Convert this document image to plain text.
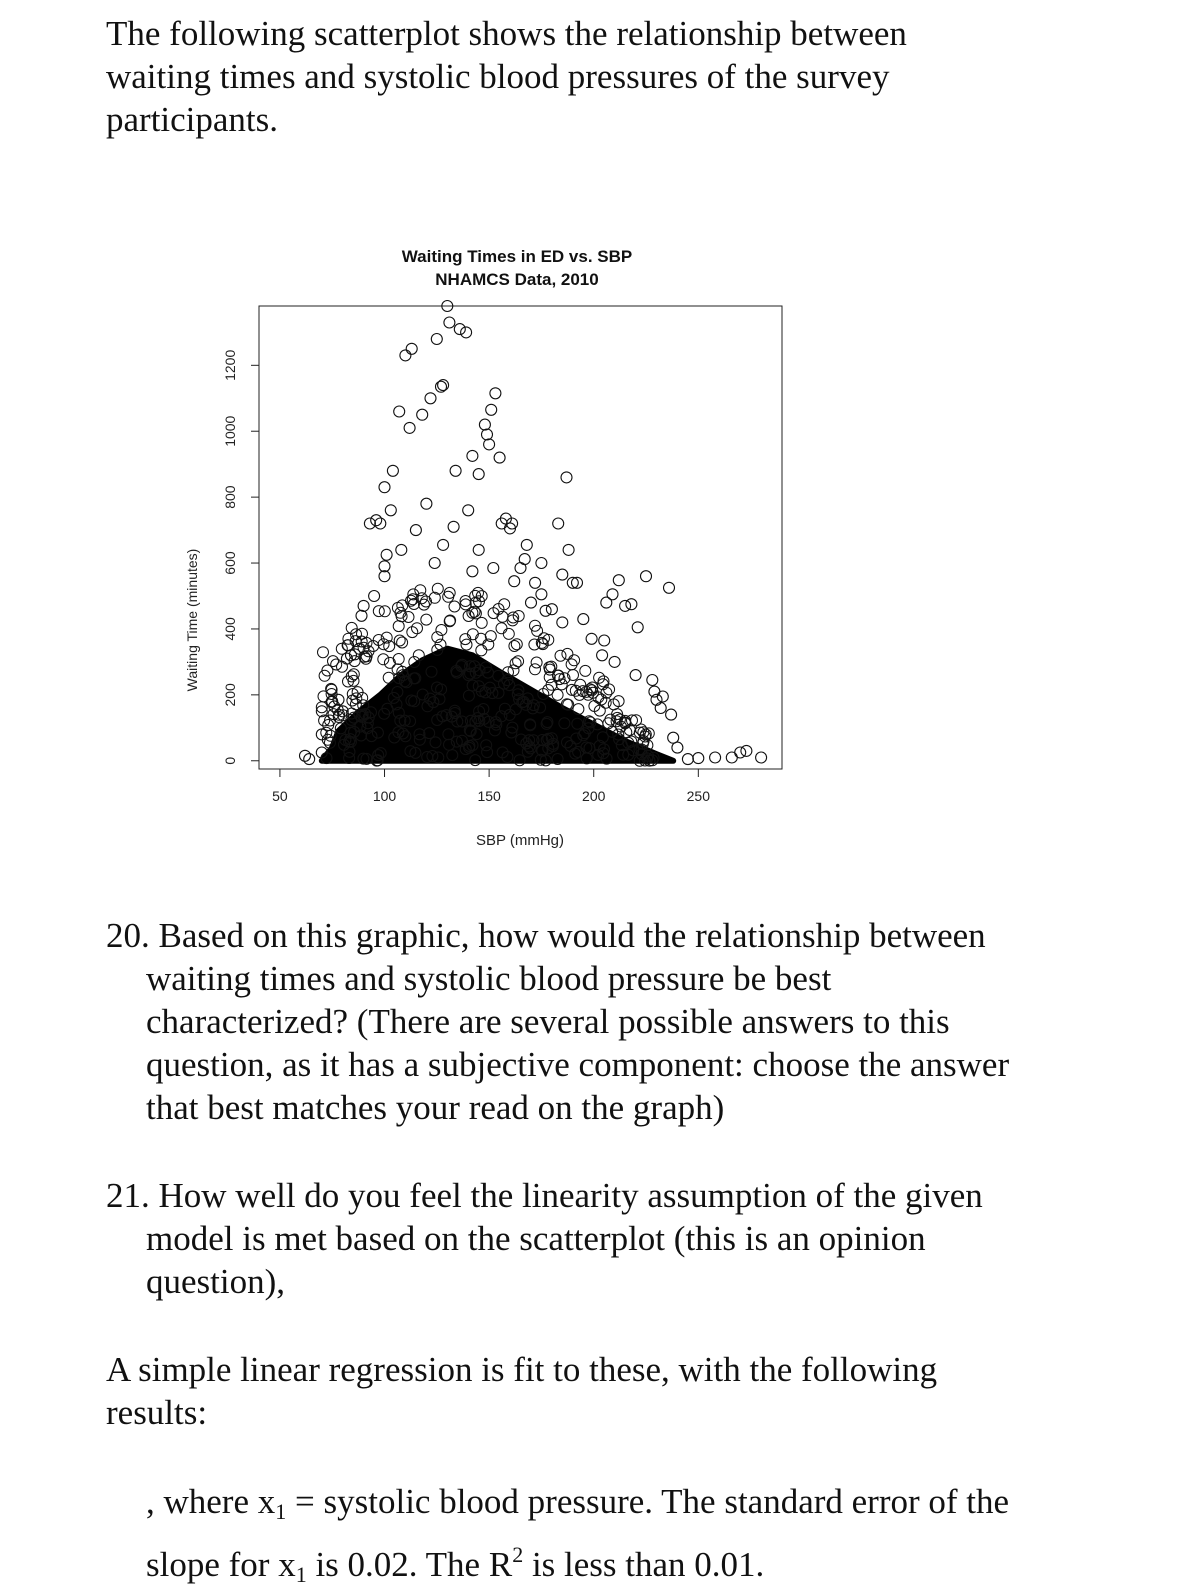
The following scatterplot shows the relationship between
waiting times and systolic blood pressures of the survey
participants.
Waiting Times in ED vs. SBP
NHAMCS Data, 2010
50	100	150	200	250
0
200
400
600
800
1000
1200
SBP (mmHg)
Waiting Time (minutes)
20. Based on this graphic, how would the relationship between
waiting times and systolic blood pressure be best
characterized? (There are several possible answers to this
question, as it has a subjective component: choose the answer
that best matches your read on the graph)
21. How well do you feel the linearity assumption of the given
model is met based on the scatterplot (this is an opinion
question),
A simple linear regression is fit to these, with the following
results:
, where $x_1$ = systolic blood pressure. The standard error of the
slope for $x_1$ is 0.02. The $R^2$ is less than 0.01.
